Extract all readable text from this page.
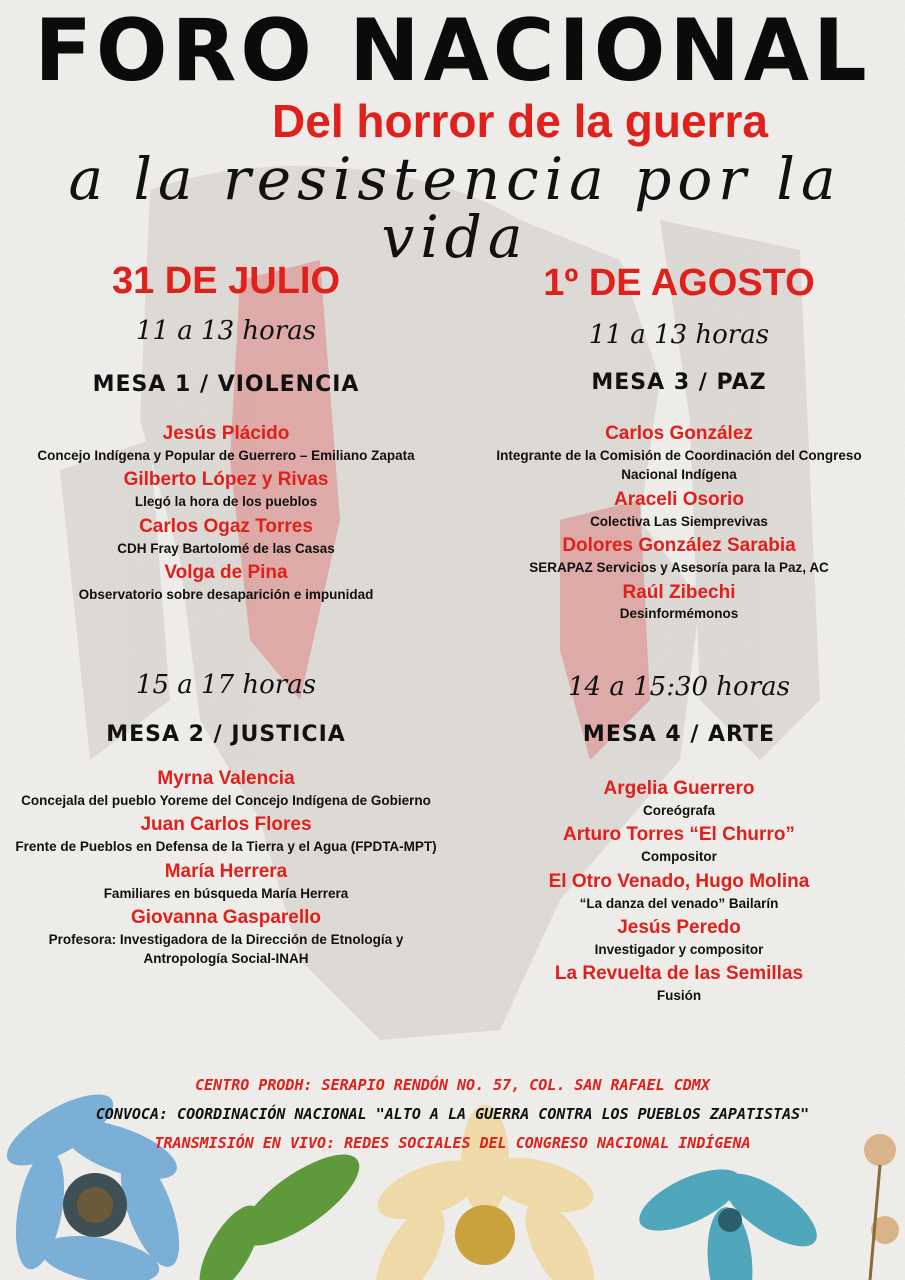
FORO NACIONAL
Del horror de la guerra
a la resistencia por la vida
31 DE JULIO
11 a 13 horas
MESA 1 / VIOLENCIA
Jesús Plácido
Concejo Indígena y Popular de Guerrero – Emiliano Zapata
Gilberto López y Rivas
Llegó la hora de los pueblos
Carlos Ogaz Torres
CDH Fray Bartolomé de las Casas
Volga de Pina
Observatorio sobre desaparición e impunidad
15 a 17 horas
MESA 2 / JUSTICIA
Myrna Valencia
Concejala del pueblo Yoreme del Concejo Indígena de Gobierno
Juan Carlos Flores
Frente de Pueblos en Defensa de la Tierra y el Agua (FPDTA-MPT)
María Herrera
Familiares en búsqueda María Herrera
Giovanna Gasparello
Profesora: Investigadora de la Dirección de Etnología y Antropología Social-INAH
1º DE AGOSTO
11 a 13 horas
MESA 3 / PAZ
Carlos González
Integrante de la Comisión de Coordinación del Congreso Nacional Indígena
Araceli Osorio
Colectiva Las Siemprevivas
Dolores González Sarabia
SERAPAZ Servicios y Asesoría para la Paz, AC
Raúl Zibechi
Desinformémonos
14 a 15:30 horas
MESA 4 / ARTE
Argelia Guerrero
Coreógrafa
Arturo Torres “El Churro”
Compositor
El Otro Venado, Hugo Molina
“La danza del venado” Bailarín
Jesús Peredo
Investigador y compositor
La Revuelta de las Semillas
Fusión
CENTRO PRODH: SERAPIO RENDÓN NO. 57, COL. SAN RAFAEL CDMX
CONVOCA: COORDINACIÓN NACIONAL "ALTO A LA GUERRA CONTRA LOS PUEBLOS ZAPATISTAS"
TRANSMISIÓN EN VIVO: REDES SOCIALES DEL CONGRESO NACIONAL INDÍGENA
